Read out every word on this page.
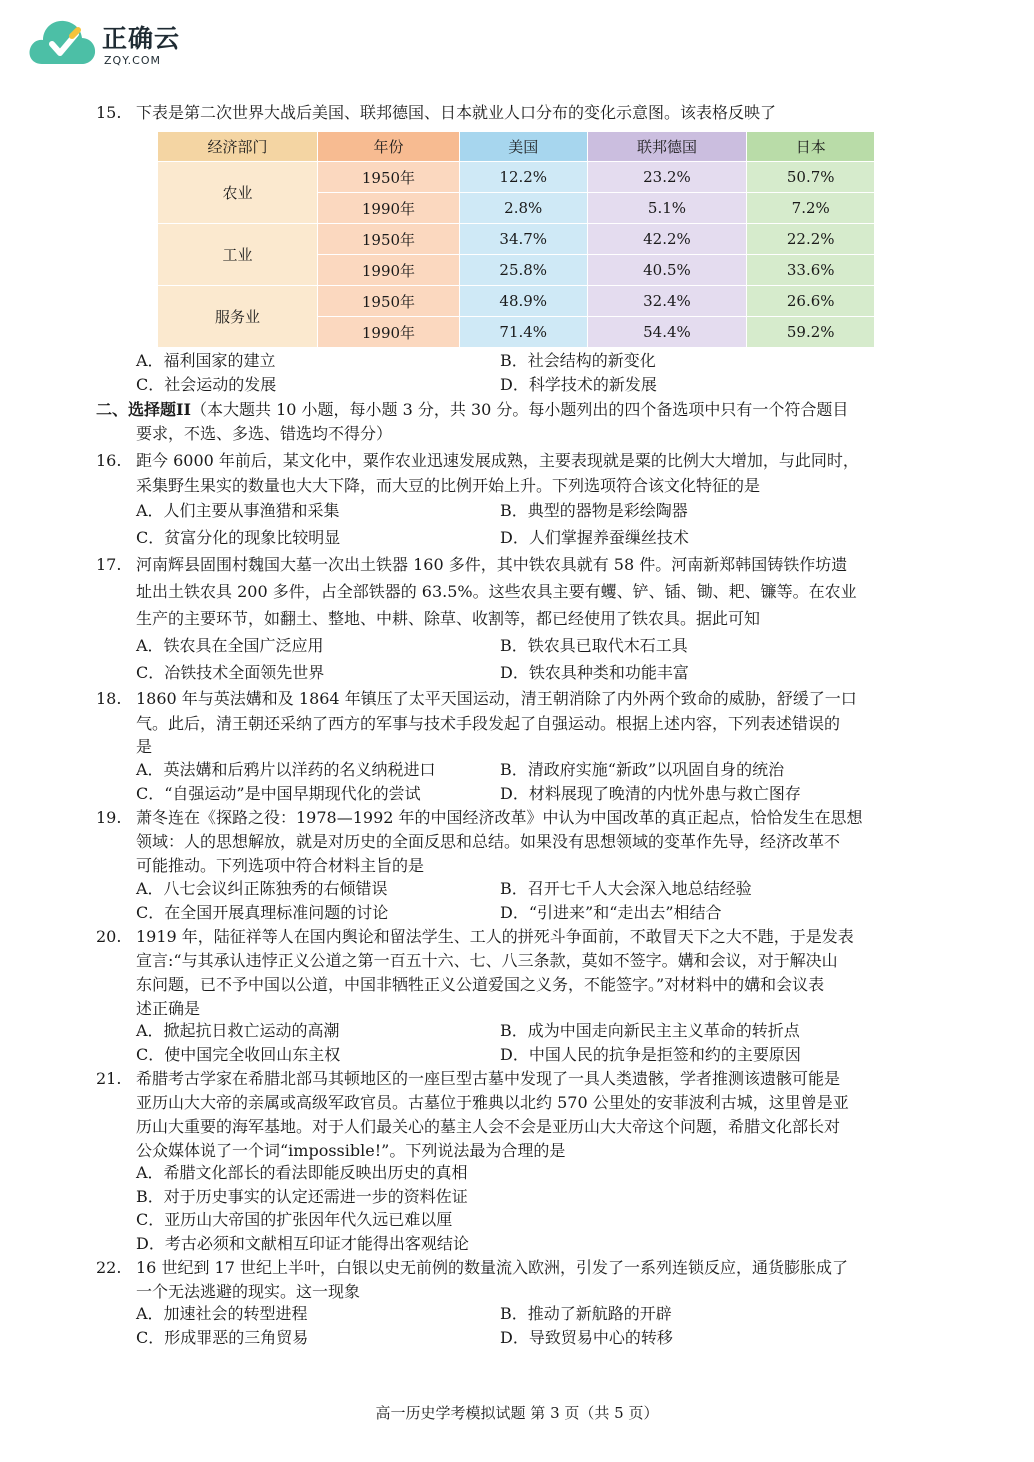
正确云
ZQY.COM
15. 下表是第二次世界大战后美国、联邦德国、日本就业人口分布的变化示意图。该表格反映了
经济部门	年份	美国	联邦德国	日本
农业	1950年	12.2%	23.2%	50.7%
	1990年	2.8%	5.1%	7.2%
工业	1950年	34.7%	42.2%	22.2%
	1990年	25.8%	40.5%	33.6%
服务业	1950年	48.9%	32.4%	26.6%
	1990年	71.4%	54.4%	59.2%
A．福利国家的建立	B．社会结构的新变化
C．社会运动的发展	D．科学技术的新发展
二、选择题II（本大题共 10 小题，每小题 3 分，共 30 分。每小题列出的四个备选项中只有一个符合题目
要求，不选、多选、错选均不得分）
16. 距今 6000 年前后，某文化中，粟作农业迅速发展成熟，主要表现就是粟的比例大大增加，与此同时，
采集野生果实的数量也大大下降，而大豆的比例开始上升。下列选项符合该文化特征的是
A．人们主要从事渔猎和采集	B．典型的器物是彩绘陶器
C．贫富分化的现象比较明显	D．人们掌握养蚕缫丝技术
17. 河南辉县固围村魏国大墓一次出土铁器 160 多件，其中铁农具就有 58 件。河南新郑韩国铸铁作坊遗
址出土铁农具 200 多件，占全部铁器的 63.5%。这些农具主要有蠼、铲、锸、锄、耙、镰等。在农业
生产的主要环节，如翻土、整地、中耕、除草、收割等，都已经使用了铁农具。据此可知
A．铁农具在全国广泛应用	B．铁农具已取代木石工具
C．冶铁技术全面领先世界	D．铁农具种类和功能丰富
18. 1860 年与英法媾和及 1864 年镇压了太平天国运动，清王朝消除了内外两个致命的威胁，舒缓了一口
气。此后，清王朝还采纳了西方的军事与技术手段发起了自强运动。根据上述内容，下列表述错误的
是
A．英法媾和后鸦片以洋药的名义纳税进口	B．清政府实施“新政”以巩固自身的统治
C．“自强运动”是中国早期现代化的尝试	D．材料展现了晚清的内忧外患与救亡图存
19. 萧冬连在《探路之役：1978—1992 年的中国经济改革》中认为中国改革的真正起点，恰恰发生在思想
领域：人的思想解放，就是对历史的全面反思和总结。如果没有思想领域的变革作先导，经济改革不
可能推动。下列选项中符合材料主旨的是
A．八七会议纠正陈独秀的右倾错误	B．召开七千人大会深入地总结经验
C．在全国开展真理标准问题的讨论	D．“引进来”和“走出去”相结合
20. 1919 年，陆征祥等人在国内舆论和留法学生、工人的拼死斗争面前，不敢冒天下之大不韪，于是发表
宣言:“与其承认违悖正义公道之第一百五十六、七、八三条款，莫如不签字。媾和会议，对于解决山
东问题，已不予中国以公道，中国非牺牲正义公道爱国之义务，不能签字。”对材料中的媾和会议表
述正确是
A．掀起抗日救亡运动的高潮	B．成为中国走向新民主主义革命的转折点
C．使中国完全收回山东主权	D．中国人民的抗争是拒签和约的主要原因
21. 希腊考古学家在希腊北部马其顿地区的一座巨型古墓中发现了一具人类遗骸，学者推测该遗骸可能是
亚历山大大帝的亲属或高级军政官员。古墓位于雅典以北约 570 公里处的安菲波利古城，这里曾是亚
历山大重要的海军基地。对于人们最关心的墓主人会不会是亚历山大大帝这个问题，希腊文化部长对
公众媒体说了一个词“impossible!”。下列说法最为合理的是
A．希腊文化部长的看法即能反映出历史的真相
B．对于历史事实的认定还需进一步的资料佐证
C．亚历山大帝国的扩张因年代久远已难以厘
D．考古必须和文献相互印证才能得出客观结论
22. 16 世纪到 17 世纪上半叶，白银以史无前例的数量流入欧洲，引发了一系列连锁反应，通货膨胀成了
一个无法逃避的现实。这一现象
A．加速社会的转型进程	B．推动了新航路的开辟
C．形成罪恶的三角贸易	D．导致贸易中心的转移
高一历史学考模拟试题 第 3 页（共 5 页）
